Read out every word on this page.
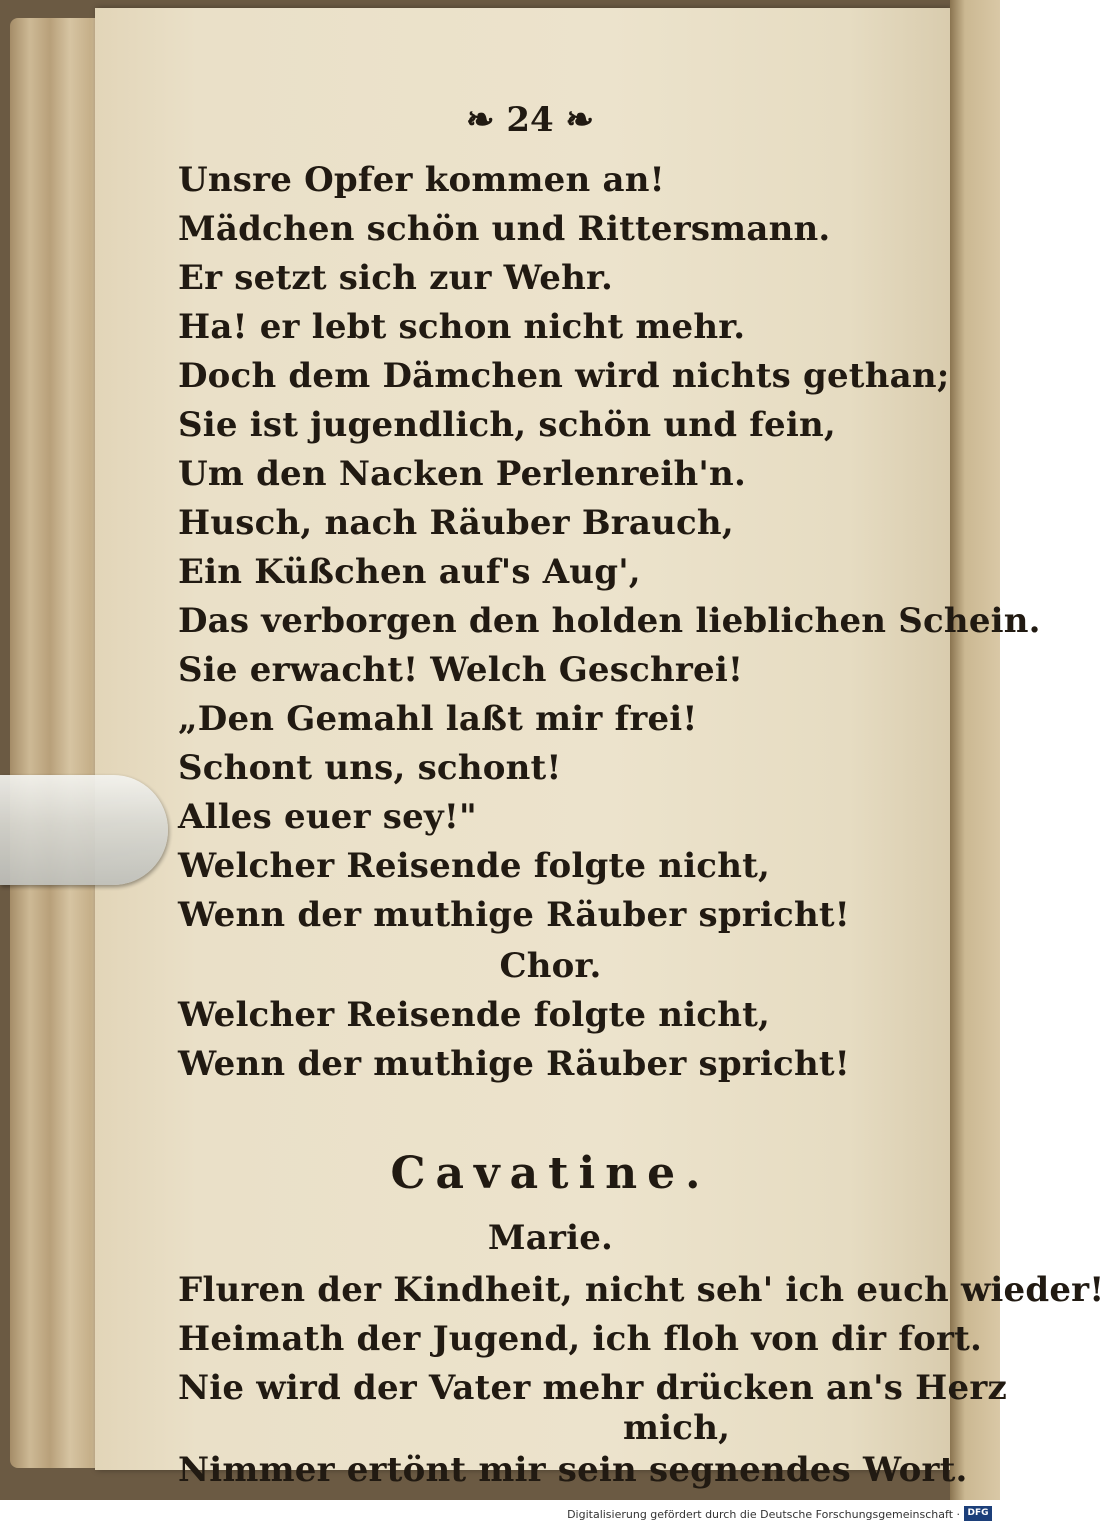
❧ 24 ❧
Unsre Opfer kommen an!
Mädchen schön und Rittersmann.
Er setzt sich zur Wehr.
Ha! er lebt schon nicht mehr.
Doch dem Dämchen wird nichts gethan;
Sie ist jugendlich, schön und fein,
Um den Nacken Perlenreih'n.
Husch, nach Räuber Brauch,
Ein Küßchen auf's Aug',
Das verborgen den holden lieblichen Schein.
Sie erwacht! Welch Geschrei!
„Den Gemahl laßt mir frei!
Schont uns, schont!
Alles euer sey!"
Welcher Reisende folgte nicht,
Wenn der muthige Räuber spricht!
Chor.
Welcher Reisende folgte nicht,
Wenn der muthige Räuber spricht!
Cavatine.
Marie.
Fluren der Kindheit, nicht seh' ich euch wieder!
Heimath der Jugend, ich floh von dir fort.
Nie wird der Vater mehr drücken an's Herz
mich,
Nimmer ertönt mir sein segnendes Wort.
Digitalisierung gefördert durch die Deutsche Forschungsgemeinschaft · DFG
